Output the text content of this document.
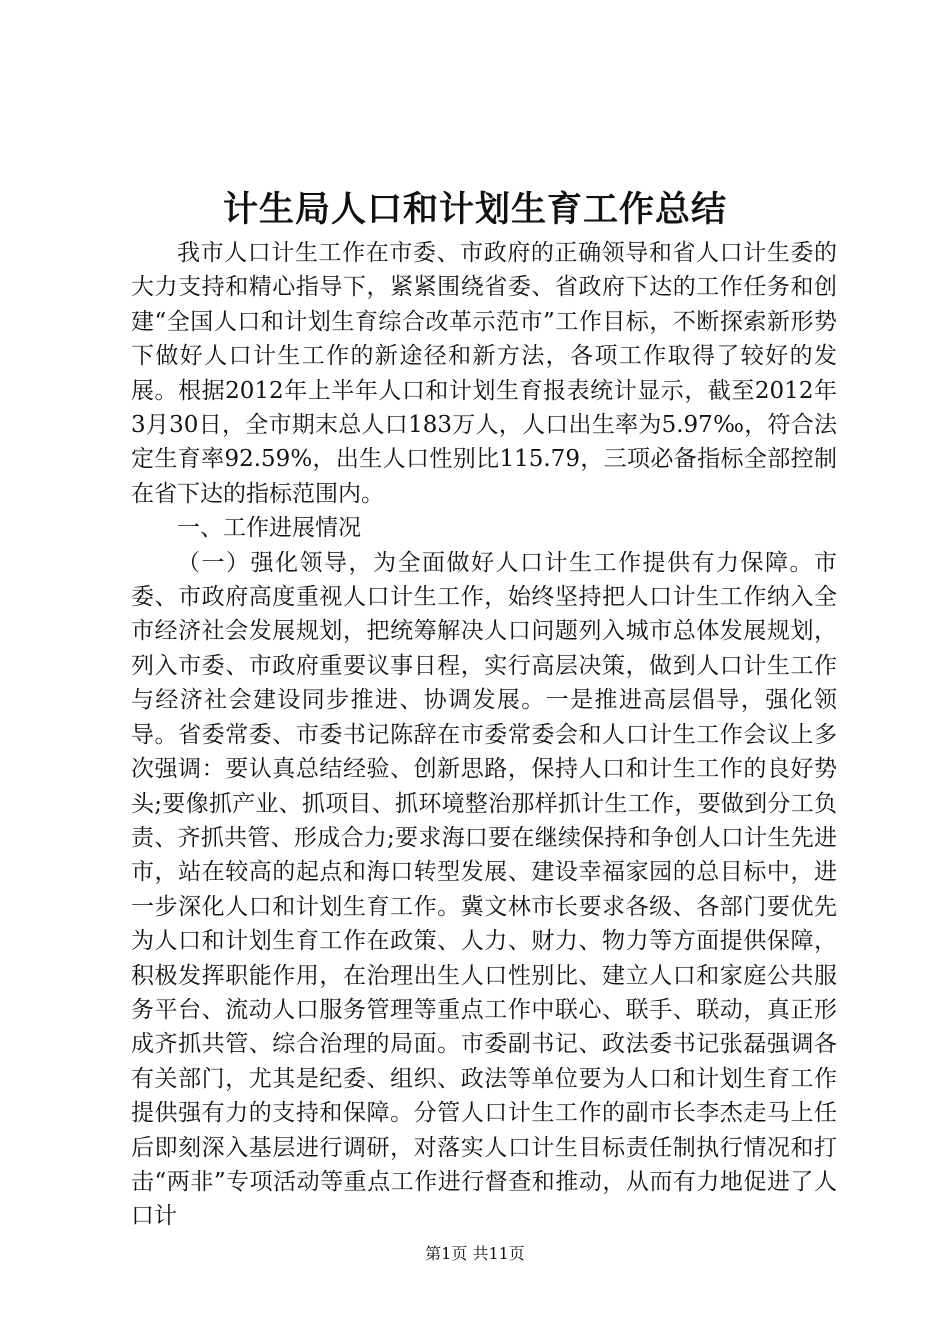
计生局人口和计划生育工作总结

我市人口计生工作在市委、市政府的正确领导和省人口计生委的大力支持和精心指导下，紧紧围绕省委、省政府下达的工作任务和创建“全国人口和计划生育综合改革示范市”工作目标，不断探索新形势下做好人口计生工作的新途径和新方法，各项工作取得了较好的发展。根据2012年上半年人口和计划生育报表统计显示，截至2012年3月30日，全市期末总人口183万人，人口出生率为5.97‰，符合法定生育率92.59%，出生人口性别比115.79，三项必备指标全部控制在省下达的指标范围内。

一、工作进展情况

（一）强化领导，为全面做好人口计生工作提供有力保障。市委、市政府高度重视人口计生工作，始终坚持把人口计生工作纳入全市经济社会发展规划，把统筹解决人口问题列入城市总体发展规划，列入市委、市政府重要议事日程，实行高层决策，做到人口计生工作与经济社会建设同步推进、协调发展。一是推进高层倡导，强化领导。省委常委、市委书记陈辞在市委常委会和人口计生工作会议上多次强调：要认真总结经验、创新思路，保持人口和计生工作的良好势头;要像抓产业、抓项目、抓环境整治那样抓计生工作，要做到分工负责、齐抓共管、形成合力;要求海口要在继续保持和争创人口计生先进市，站在较高的起点和海口转型发展、建设幸福家园的总目标中，进一步深化人口和计划生育工作。冀文林市长要求各级、各部门要优先为人口和计划生育工作在政策、人力、财力、物力等方面提供保障，积极发挥职能作用，在治理出生人口性别比、建立人口和家庭公共服务平台、流动人口服务管理等重点工作中联心、联手、联动，真正形成齐抓共管、综合治理的局面。市委副书记、政法委书记张磊强调各有关部门，尤其是纪委、组织、政法等单位要为人口和计划生育工作提供强有力的支持和保障。分管人口计生工作的副市长李杰走马上任后即刻深入基层进行调研，对落实人口计生目标责任制执行情况和打击“两非”专项活动等重点工作进行督查和推动，从而有力地促进了人口计

第1页 共11页
